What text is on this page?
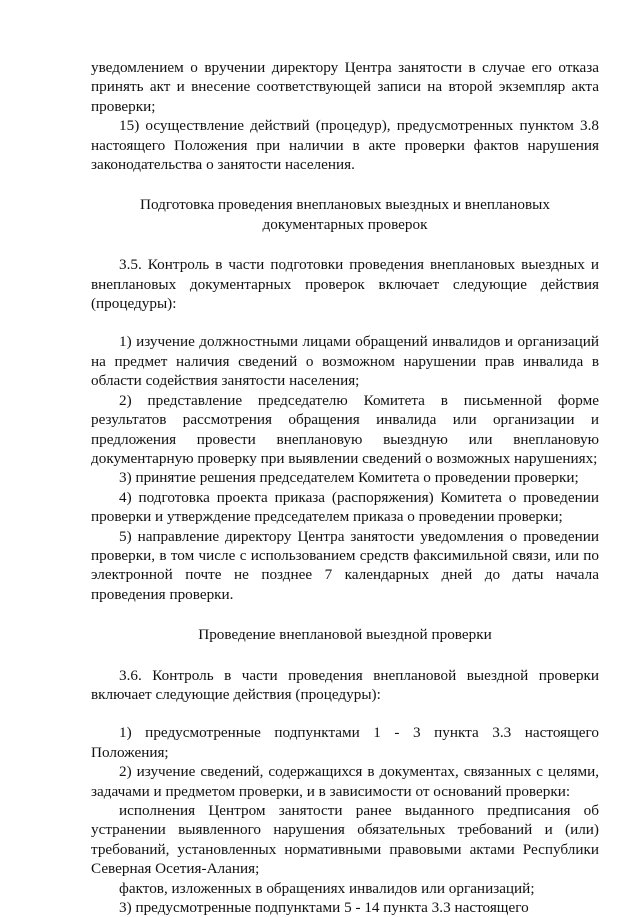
уведомлением о вручении директору Центра занятости в случае его отказа принять акт и внесение соответствующей записи на второй экземпляр акта проверки;

15) осуществление действий (процедур), предусмотренных пунктом 3.8 настоящего Положения при наличии в акте проверки фактов нарушения законодательства о занятости населения.

Подготовка проведения внеплановых выездных и внеплановых документарных проверок

3.5. Контроль в части подготовки проведения внеплановых выездных и внеплановых документарных проверок включает следующие действия (процедуры):

1) изучение должностными лицами обращений инвалидов и организаций на предмет наличия сведений о возможном нарушении прав инвалида в области содействия занятости населения;

2) представление председателю Комитета в письменной форме результатов рассмотрения обращения инвалида или организации и предложения провести внеплановую выездную или внеплановую документарную проверку при выявлении сведений о возможных нарушениях;

3) принятие решения председателем Комитета о проведении проверки;

4) подготовка проекта приказа (распоряжения) Комитета о проведении проверки и утверждение председателем приказа о проведении проверки;

5) направление директору Центра занятости уведомления о проведении проверки, в том числе с использованием средств факсимильной связи, или по электронной почте не позднее 7 календарных дней до даты начала проведения проверки.

Проведение внеплановой выездной проверки

3.6. Контроль в части проведения внеплановой выездной проверки включает следующие действия (процедуры):

1) предусмотренные подпунктами 1 - 3 пункта 3.3 настоящего Положения;

2) изучение сведений, содержащихся в документах, связанных с целями, задачами и предметом проверки, и в зависимости от оснований проверки:

исполнения Центром занятости ранее выданного предписания об устранении выявленного нарушения обязательных требований и (или) требований, установленных нормативными правовыми актами Республики Северная Осетия-Алания;

фактов, изложенных в обращениях инвалидов или организаций;

3) предусмотренные подпунктами 5 - 14 пункта 3.3 настоящего
